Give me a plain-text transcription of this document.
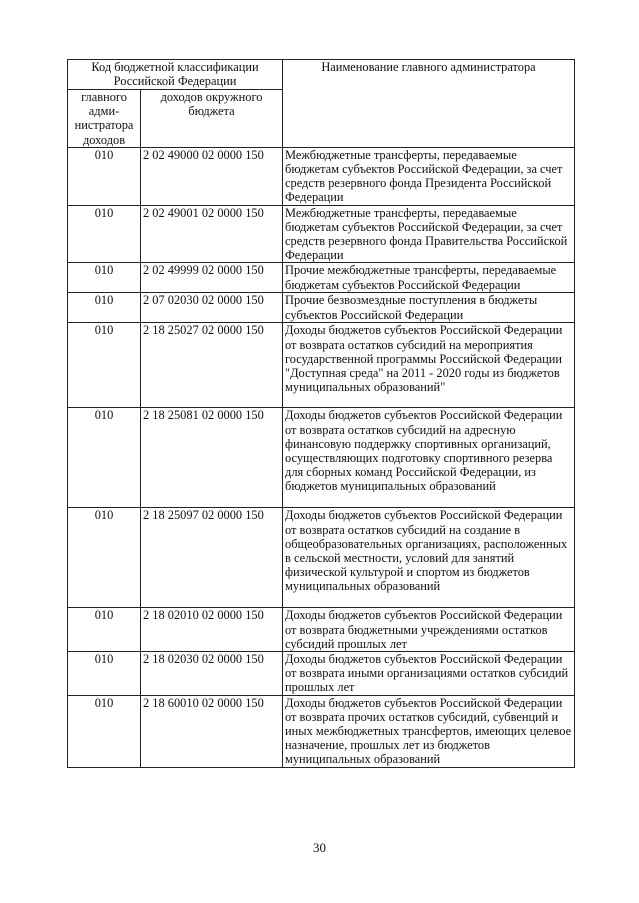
Код бюджетной классификации Российской Федерации		Наименование главного администратора
главного адми-нистратора доходов	доходов окружного бюджета	
010	2 02 49000 02 0000 150	Межбюджетные трансферты, передаваемые бюджетам субъектов Российской Федерации, за счет средств резервного фонда Президента Российской Федерации
010	2 02 49001 02 0000 150	Межбюджетные трансферты, передаваемые бюджетам субъектов Российской Федерации, за счет средств резервного фонда Правительства Российской Федерации
010	2 02 49999 02 0000 150	Прочие межбюджетные трансферты, передаваемые бюджетам субъектов Российской Федерации
010	2 07 02030 02 0000 150	Прочие безвозмездные поступления в бюджеты субъектов Российской Федерации
010	2 18 25027 02 0000 150	Доходы бюджетов субъектов Российской Федерации от возврата остатков субсидий на мероприятия государственной программы Российской Федерации "Доступная среда" на 2011 - 2020 годы из бюджетов муниципальных образований"
010	2 18 25081 02 0000 150	Доходы бюджетов субъектов Российской Федерации от возврата остатков субсидий на адресную финансовую поддержку спортивных организаций, осуществляющих подготовку спортивного резерва для сборных команд Российской Федерации, из бюджетов муниципальных образований
010	2 18 25097 02 0000 150	Доходы бюджетов субъектов Российской Федерации от возврата остатков субсидий на создание в общеобразовательных организациях, расположенных в сельской местности, условий для занятий физической культурой и спортом из бюджетов муниципальных образований
010	2 18 02010 02 0000 150	Доходы бюджетов субъектов Российской Федерации от возврата бюджетными учреждениями остатков субсидий прошлых лет
010	2 18 02030 02 0000 150	Доходы бюджетов субъектов Российской Федерации от возврата иными организациями остатков субсидий прошлых лет
010	2 18 60010 02 0000 150	Доходы бюджетов субъектов Российской Федерации от возврата прочих остатков субсидий, субвенций и иных межбюджетных трансфертов, имеющих целевое назначение, прошлых лет из бюджетов муниципальных образований
30
